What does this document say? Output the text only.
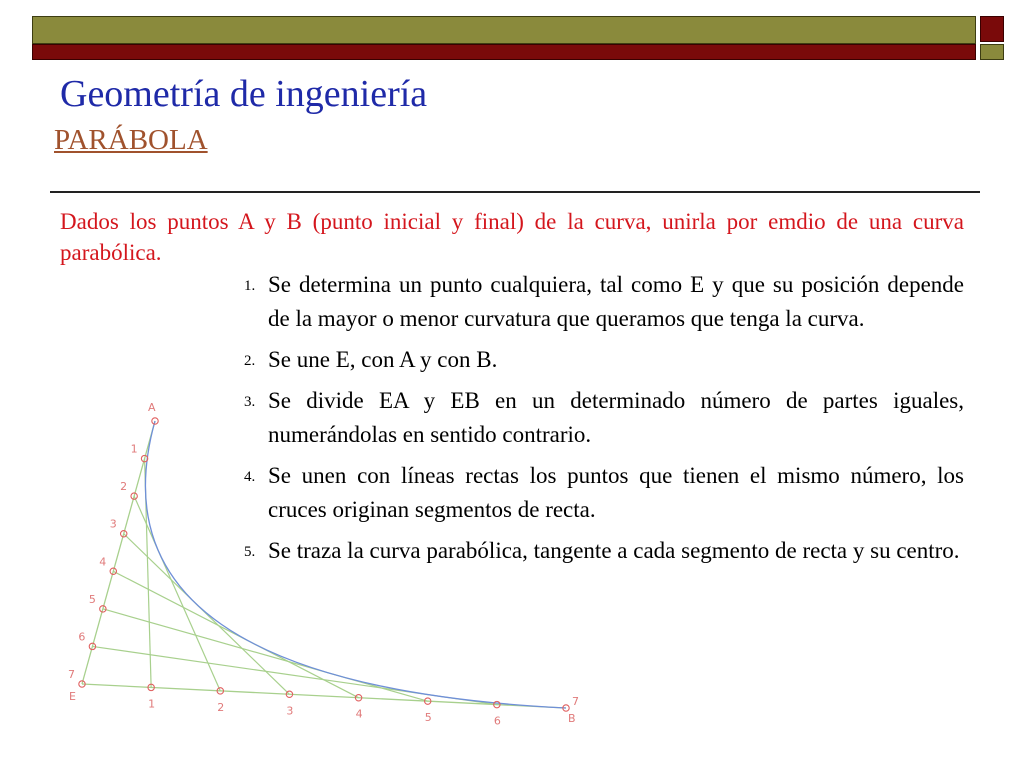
Geometría de ingeniería
PARÁBOLA

Dados los puntos A y B (punto inicial y final) de la curva, unirla por emdio de una curva parabólica.

1. Se determina un punto cualquiera, tal como E y que su posición depende de la mayor o menor curvatura que queramos que tenga la curva.
2. Se une E, con A y con B.
3. Se divide EA y EB en un determinado número de partes iguales, numerándolas en sentido contrario.
4. Se unen con líneas rectas los puntos que tienen el mismo número, los cruces originan segmentos de recta.
5. Se traza la curva parabólica, tangente a cada segmento de recta y su centro.
A
E
B
1
2
3
4
5
6
7
1	2	3	4	5	6
7
